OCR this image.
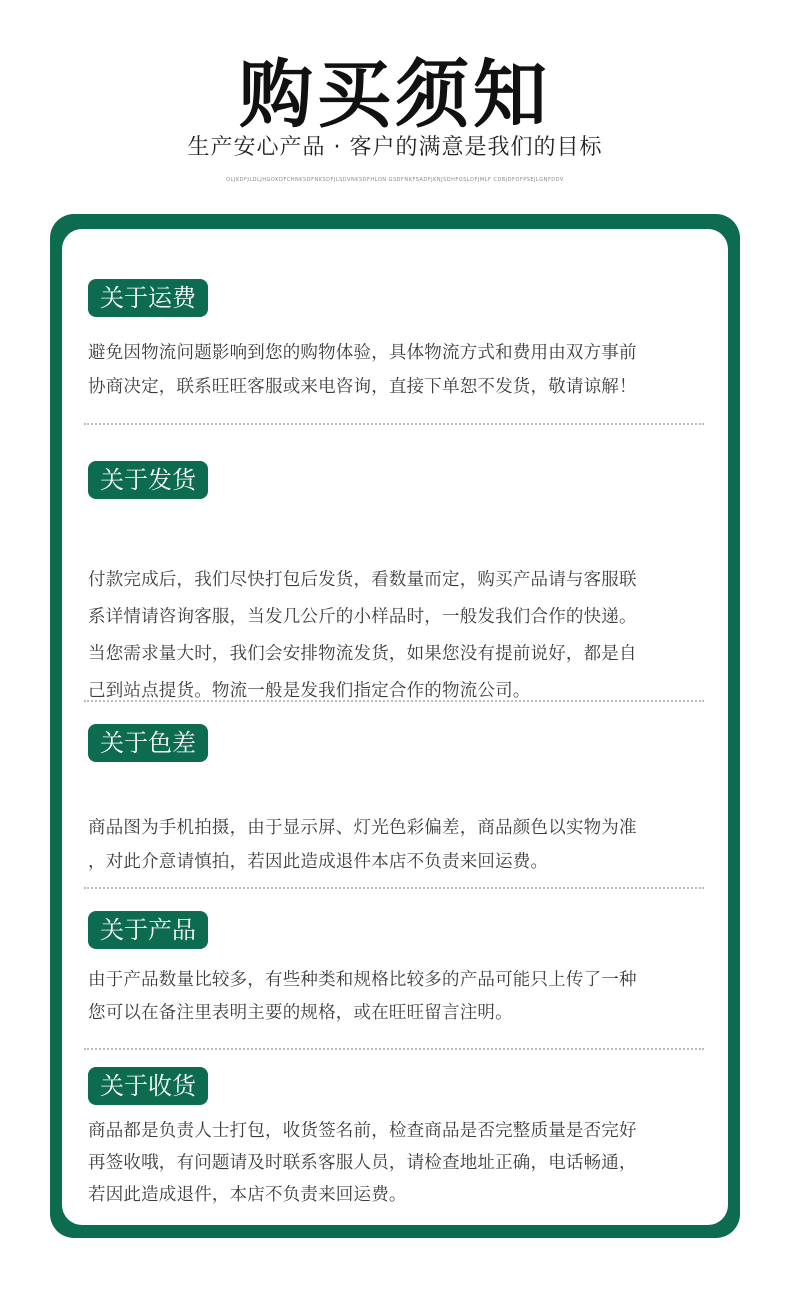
购买须知
生产安心产品 · 客户的满意是我们的目标
OLJKDFJLDLJHGOKDFCHNKSDFNKSDFJLSDVNKSDFHLDN GSDFNKFSADFJKNJSDHFOSLDFJMLF CDBJDFOFPSEJLGNFDDV
关于运费

避免因物流问题影响到您的购物体验，具体物流方式和费用由双方事前

协商决定，联系旺旺客服或来电咨询，直接下单恕不发货，敬请谅解！

关于发货

付款完成后，我们尽快打包后发货，看数量而定，购买产品请与客服联

系详情请咨询客服，当发几公斤的小样品时，一般发我们合作的快递。

当您需求量大时，我们会安排物流发货，如果您没有提前说好，都是自

己到站点提货。物流一般是发我们指定合作的物流公司。

关于色差

商品图为手机拍摄，由于显示屏、灯光色彩偏差，商品颜色以实物为准

，对此介意请慎拍，若因此造成退件本店不负责来回运费。

关于产品

由于产品数量比较多，有些种类和规格比较多的产品可能只上传了一种

您可以在备注里表明主要的规格，或在旺旺留言注明。

关于收货

商品都是负责人士打包，收货签名前，检查商品是否完整质量是否完好

再签收哦，有问题请及时联系客服人员，请检查地址正确，电话畅通，

若因此造成退件，本店不负责来回运费。
